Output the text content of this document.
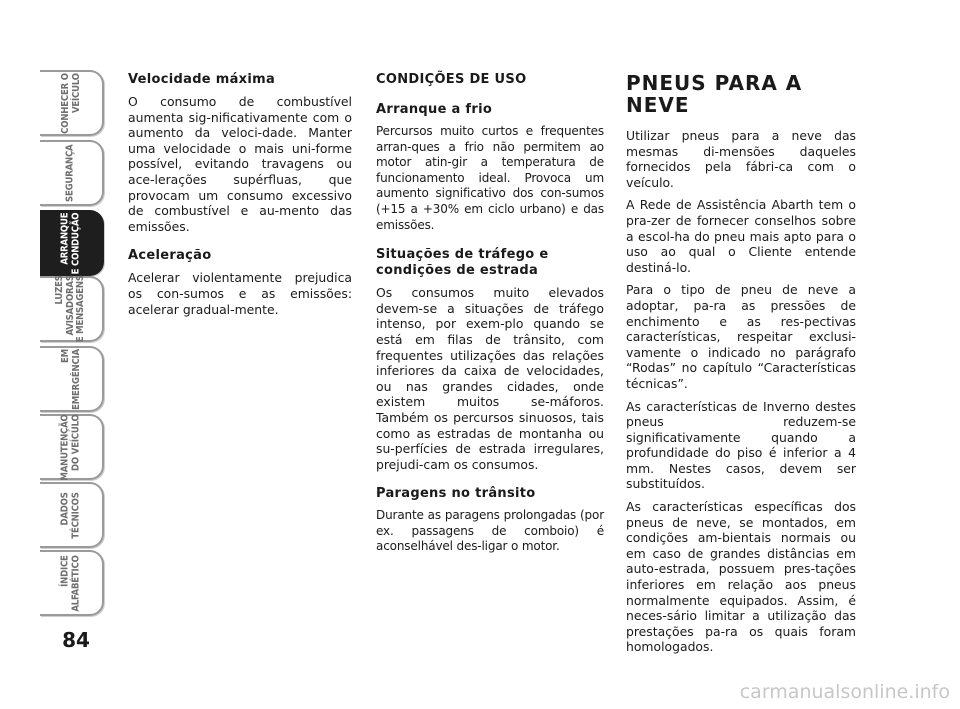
CONHECER O
VEÍCULO
SEGURANÇA
ARRANQUE
E CONDUÇÃO
LUZES
AVISADORAS
E MENSAGENS
EM
EMERGÊNCIA
MANUTENÇÃO
DO VEÍCULO
DADOS
TÉCNICOS
ÍNDICE
ALFABÉTICO
84
Velocidade máxima

O consumo de combustível aumenta sig-nificativamente com o aumento da veloci-dade. Manter uma velocidade o mais uni-forme possível, evitando travagens ou ace-lerações supérfluas, que provocam um consumo excessivo de combustível e au-mento das emissões.

Aceleração

Acelerar violentamente prejudica os con-sumos e as emissões: acelerar gradual-mente.

CONDIÇÕES DE USO
Arranque a frio

Percursos muito curtos e frequentes arran-ques a frio não permitem ao motor atin-gir a temperatura de funcionamento ideal. Provoca um aumento significativo dos con-sumos (+15 a +30% em ciclo urbano) e das emissões.

Situações de tráfego e condições de estrada

Os consumos muito elevados devem-se a situações de tráfego intenso, por exem-plo quando se está em filas de trânsito, com frequentes utilizações das relações inferiores da caixa de velocidades, ou nas grandes cidades, onde existem muitos se-máforos. Também os percursos sinuosos, tais como as estradas de montanha ou su-perfícies de estrada irregulares, prejudi-cam os consumos.

Paragens no trânsito

Durante as paragens prolongadas (por ex. passagens de comboio) é aconselhável des-ligar o motor.

PNEUS PARA A NEVE

Utilizar pneus para a neve das mesmas di-mensões daqueles fornecidos pela fábri-ca com o veículo.

A Rede de Assistência Abarth tem o pra-zer de fornecer conselhos sobre a escol-ha do pneu mais apto para o uso ao qual o Cliente entende destiná-lo.

Para o tipo de pneu de neve a adoptar, pa-ra as pressões de enchimento e as res-pectivas características, respeitar exclusi-vamente o indicado no parágrafo “Rodas” no capítulo “Características técnicas”.

As características de Inverno destes pneus reduzem-se significativamente quando a profundidade do piso é inferior a 4 mm. Nestes casos, devem ser substituídos.

As características específicas dos pneus de neve, se montados, em condições am-bientais normais ou em caso de grandes distâncias em auto-estrada, possuem pres-tações inferiores em relação aos pneus normalmente equipados. Assim, é neces-sário limitar a utilização das prestações pa-ra os quais foram homologados.

carmanualsonline.info
